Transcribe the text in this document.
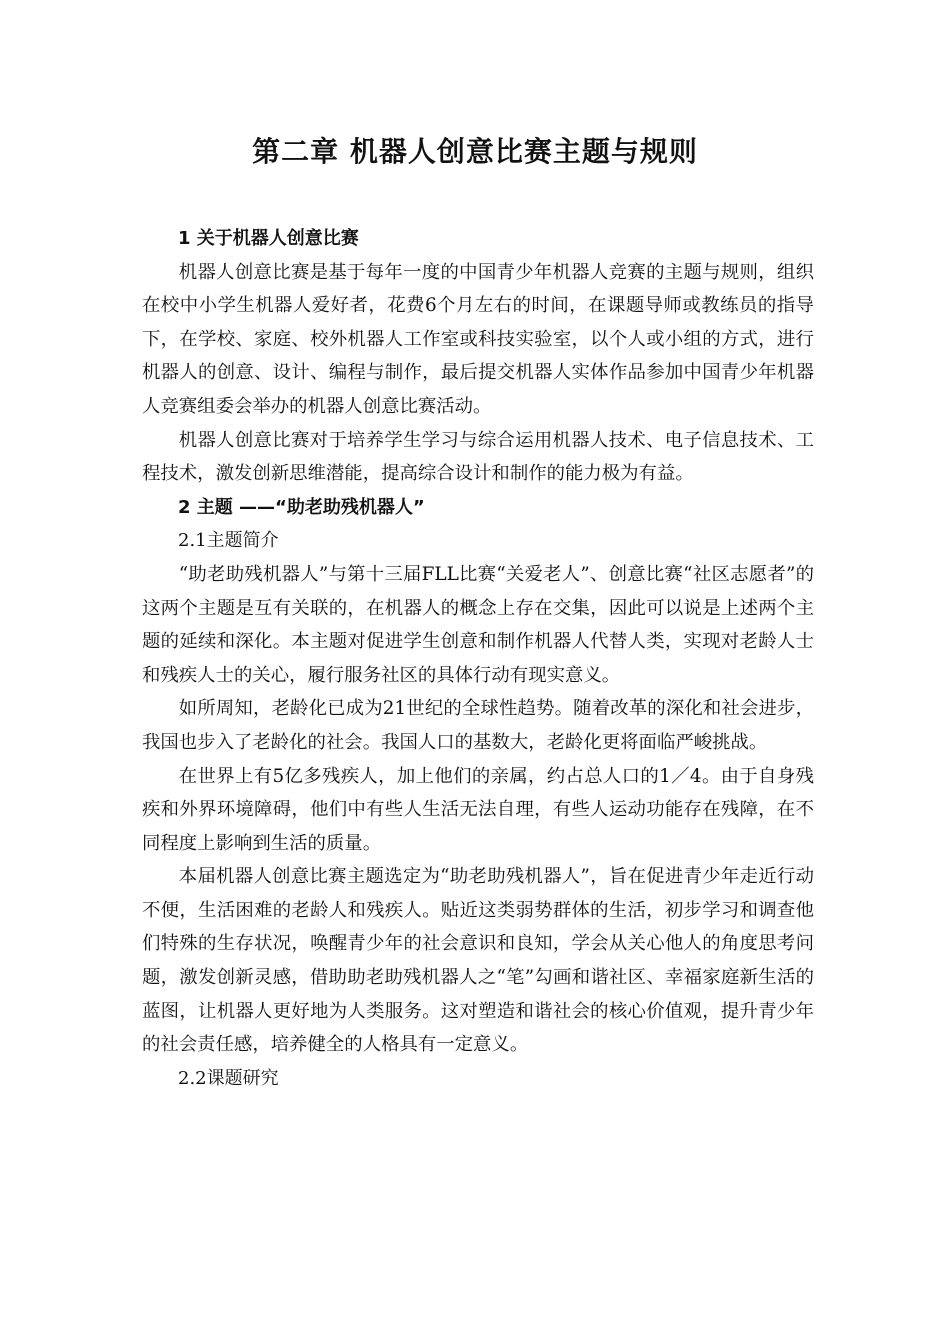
第二章 机器人创意比赛主题与规则

1 关于机器人创意比赛

机器人创意比赛是基于每年一度的中国青少年机器人竞赛的主题与规则，组织在校中小学生机器人爱好者，花费6个月左右的时间，在课题导师或教练员的指导下，在学校、家庭、校外机器人工作室或科技实验室，以个人或小组的方式，进行机器人的创意、设计、编程与制作，最后提交机器人实体作品参加中国青少年机器人竞赛组委会举办的机器人创意比赛活动。

机器人创意比赛对于培养学生学习与综合运用机器人技术、电子信息技术、工程技术，激发创新思维潜能，提高综合设计和制作的能力极为有益。

2 主题 ——“助老助残机器人”

2.1主题简介

“助老助残机器人”与第十三届FLL比赛“关爱老人”、创意比赛“社区志愿者”的这两个主题是互有关联的，在机器人的概念上存在交集，因此可以说是上述两个主题的延续和深化。本主题对促进学生创意和制作机器人代替人类，实现对老龄人士和残疾人士的关心，履行服务社区的具体行动有现实意义。

如所周知，老龄化已成为21世纪的全球性趋势。随着改革的深化和社会进步，我国也步入了老龄化的社会。我国人口的基数大，老龄化更将面临严峻挑战。

在世界上有5亿多残疾人，加上他们的亲属，约占总人口的1／4。由于自身残疾和外界环境障碍，他们中有些人生活无法自理，有些人运动功能存在残障，在不同程度上影响到生活的质量。

本届机器人创意比赛主题选定为“助老助残机器人”，旨在促进青少年走近行动不便，生活困难的老龄人和残疾人。贴近这类弱势群体的生活，初步学习和调查他们特殊的生存状况，唤醒青少年的社会意识和良知，学会从关心他人的角度思考问题，激发创新灵感，借助助老助残机器人之“笔”勾画和谐社区、幸福家庭新生活的蓝图，让机器人更好地为人类服务。这对塑造和谐社会的核心价值观，提升青少年的社会责任感，培养健全的人格具有一定意义。

2.2课题研究
